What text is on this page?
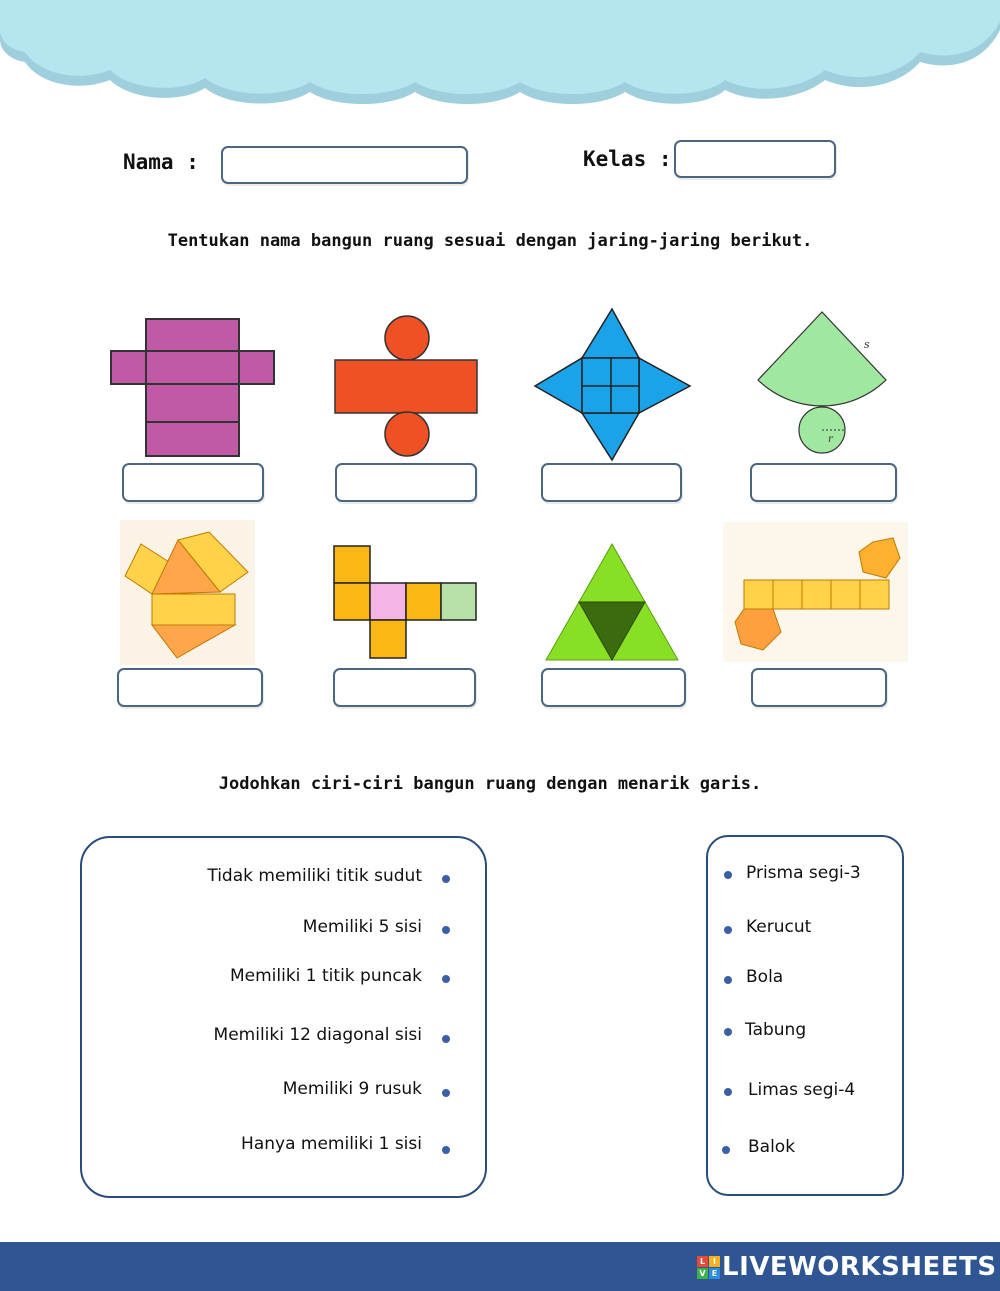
Nama :	Kelas :
Tentukan nama bangun ruang sesuai dengan jaring-jaring berikut.
s
r
Jodohkan ciri-ciri bangun ruang dengan menarik garis.
Tidak memiliki titik sudut
Memiliki 5 sisi
Memiliki 1 titik puncak
Memiliki 12 diagonal sisi
Memiliki 9 rusuk
Hanya memiliki 1 sisi
Prisma segi-3
Kerucut
Bola
Tabung
Limas segi-4
Balok
L I
V E LIVEWORKSHEETS
